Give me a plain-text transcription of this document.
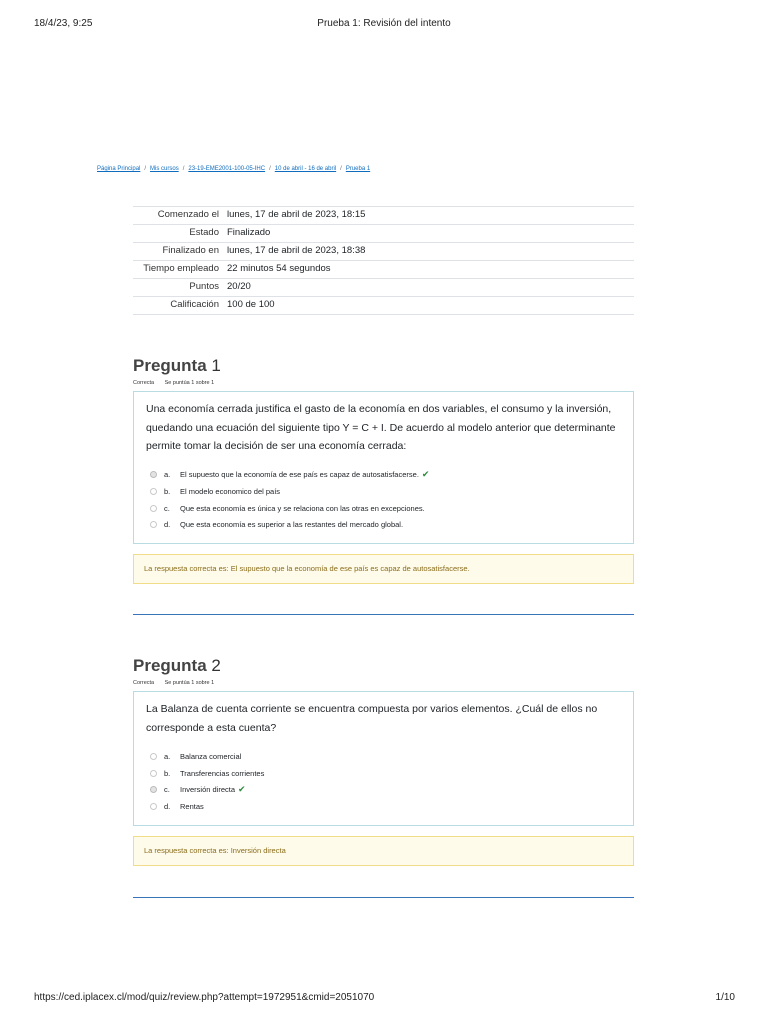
18/4/23, 9:25	Prueba 1: Revisión del intento
Página Principal / Mis cursos / 23-19-EME2001-100-05-IHC / 10 de abril - 16 de abril / Prueba 1
Comenzado el	lunes, 17 de abril de 2023, 18:15
Estado	Finalizado
Finalizado en	lunes, 17 de abril de 2023, 18:38
Tiempo empleado	22 minutos 54 segundos
Puntos	20/20
Calificación	100 de 100
Pregunta 1
Correcta Se puntúa 1 sobre 1

Una economía cerrada justifica el gasto de la economía en dos variables, el consumo y la inversión, quedando una ecuación del siguiente tipo Y = C + I. De acuerdo al modelo anterior que determinante permite tomar la decisión de ser una economía cerrada:

a.	El supuesto que la economía de ese país es capaz de autosatisfacerse. ✔
b.	El modelo economico del país
c.	Que esta economía es única y se relaciona con las otras en excepciones.
d.	Que esta economía es superior a las restantes del mercado global.
La respuesta correcta es: El supuesto que la economía de ese país es capaz de autosatisfacerse.
Pregunta 2
Correcta Se puntúa 1 sobre 1

La Balanza de cuenta corriente se encuentra compuesta por varios elementos. ¿Cuál de ellos no corresponde a esta cuenta?

a.	Balanza comercial
b.	Transferencias corrientes
c.	Inversión directa ✔
d.	Rentas
La respuesta correcta es: Inversión directa
https://ced.iplacex.cl/mod/quiz/review.php?attempt=1972951&cmid=2051070	1/10
